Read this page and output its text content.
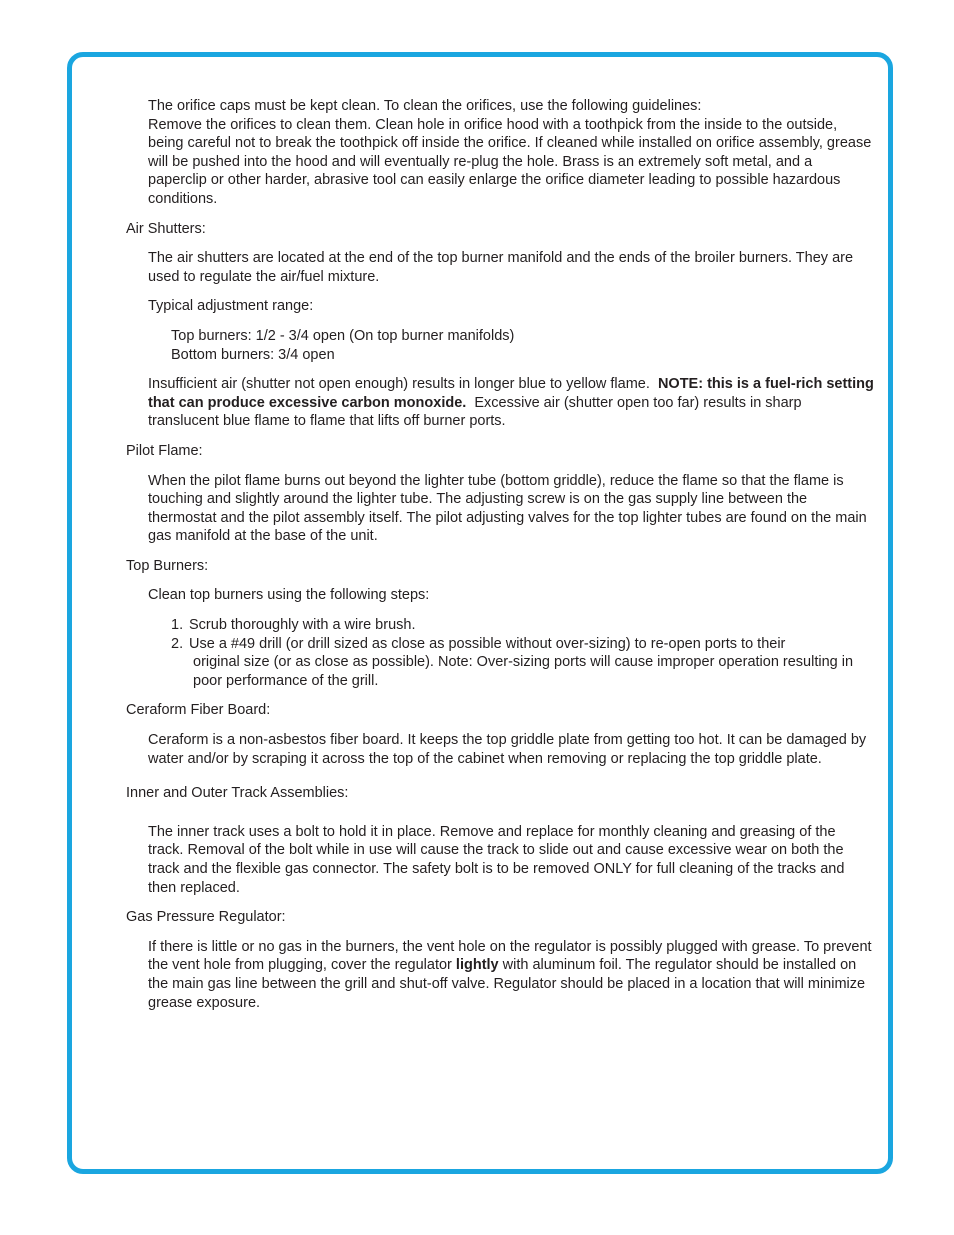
The orifice caps must be kept clean. To clean the orifices, use the following guidelines:

Remove the orifices to clean them. Clean hole in orifice hood with a toothpick from the inside to the outside, being careful not to break the toothpick off inside the orifice. If cleaned while installed on orifice assembly, grease will be pushed into the hood and will eventually re-plug the hole. Brass is an extremely soft metal, and a paperclip or other harder, abrasive tool can easily enlarge the orifice diameter leading to possible hazardous conditions.

Air Shutters:

The air shutters are located at the end of the top burner manifold and the ends of the broiler burners. They are used to regulate the air/fuel mixture.

Typical adjustment range:

Top burners: 1/2 - 3/4 open (On top burner manifolds)

Bottom burners: 3/4 open

Insufficient air (shutter not open enough) results in longer blue to yellow flame. NOTE: this is a fuel-rich setting that can produce excessive carbon monoxide. Excessive air (shutter open too far) results in sharp translucent blue flame to flame that lifts off burner ports.

Pilot Flame:

When the pilot flame burns out beyond the lighter tube (bottom griddle), reduce the flame so that the flame is touching and slightly around the lighter tube. The adjusting screw is on the gas supply line between the thermostat and the pilot assembly itself. The pilot adjusting valves for the top lighter tubes are found on the main gas manifold at the base of the unit.

Top Burners:

Clean top burners using the following steps:

1. Scrub thoroughly with a wire brush.
2. Use a #49 drill (or drill sized as close as possible without over-sizing) to re-open ports to their
original size (or as close as possible). Note: Over-sizing ports will cause improper operation resulting in poor performance of the grill.

Ceraform Fiber Board:

Ceraform is a non-asbestos fiber board. It keeps the top griddle plate from getting too hot. It can be damaged by water and/or by scraping it across the top of the cabinet when removing or replacing the top griddle plate.

Inner and Outer Track Assemblies:

The inner track uses a bolt to hold it in place. Remove and replace for monthly cleaning and greasing of the track. Removal of the bolt while in use will cause the track to slide out and cause excessive wear on both the track and the flexible gas connector. The safety bolt is to be removed ONLY for full cleaning of the tracks and then replaced.

Gas Pressure Regulator:

If there is little or no gas in the burners, the vent hole on the regulator is possibly plugged with grease. To prevent the vent hole from plugging, cover the regulator lightly with aluminum foil. The regulator should be installed on the main gas line between the grill and shut-off valve. Regulator should be placed in a location that will minimize grease exposure.
